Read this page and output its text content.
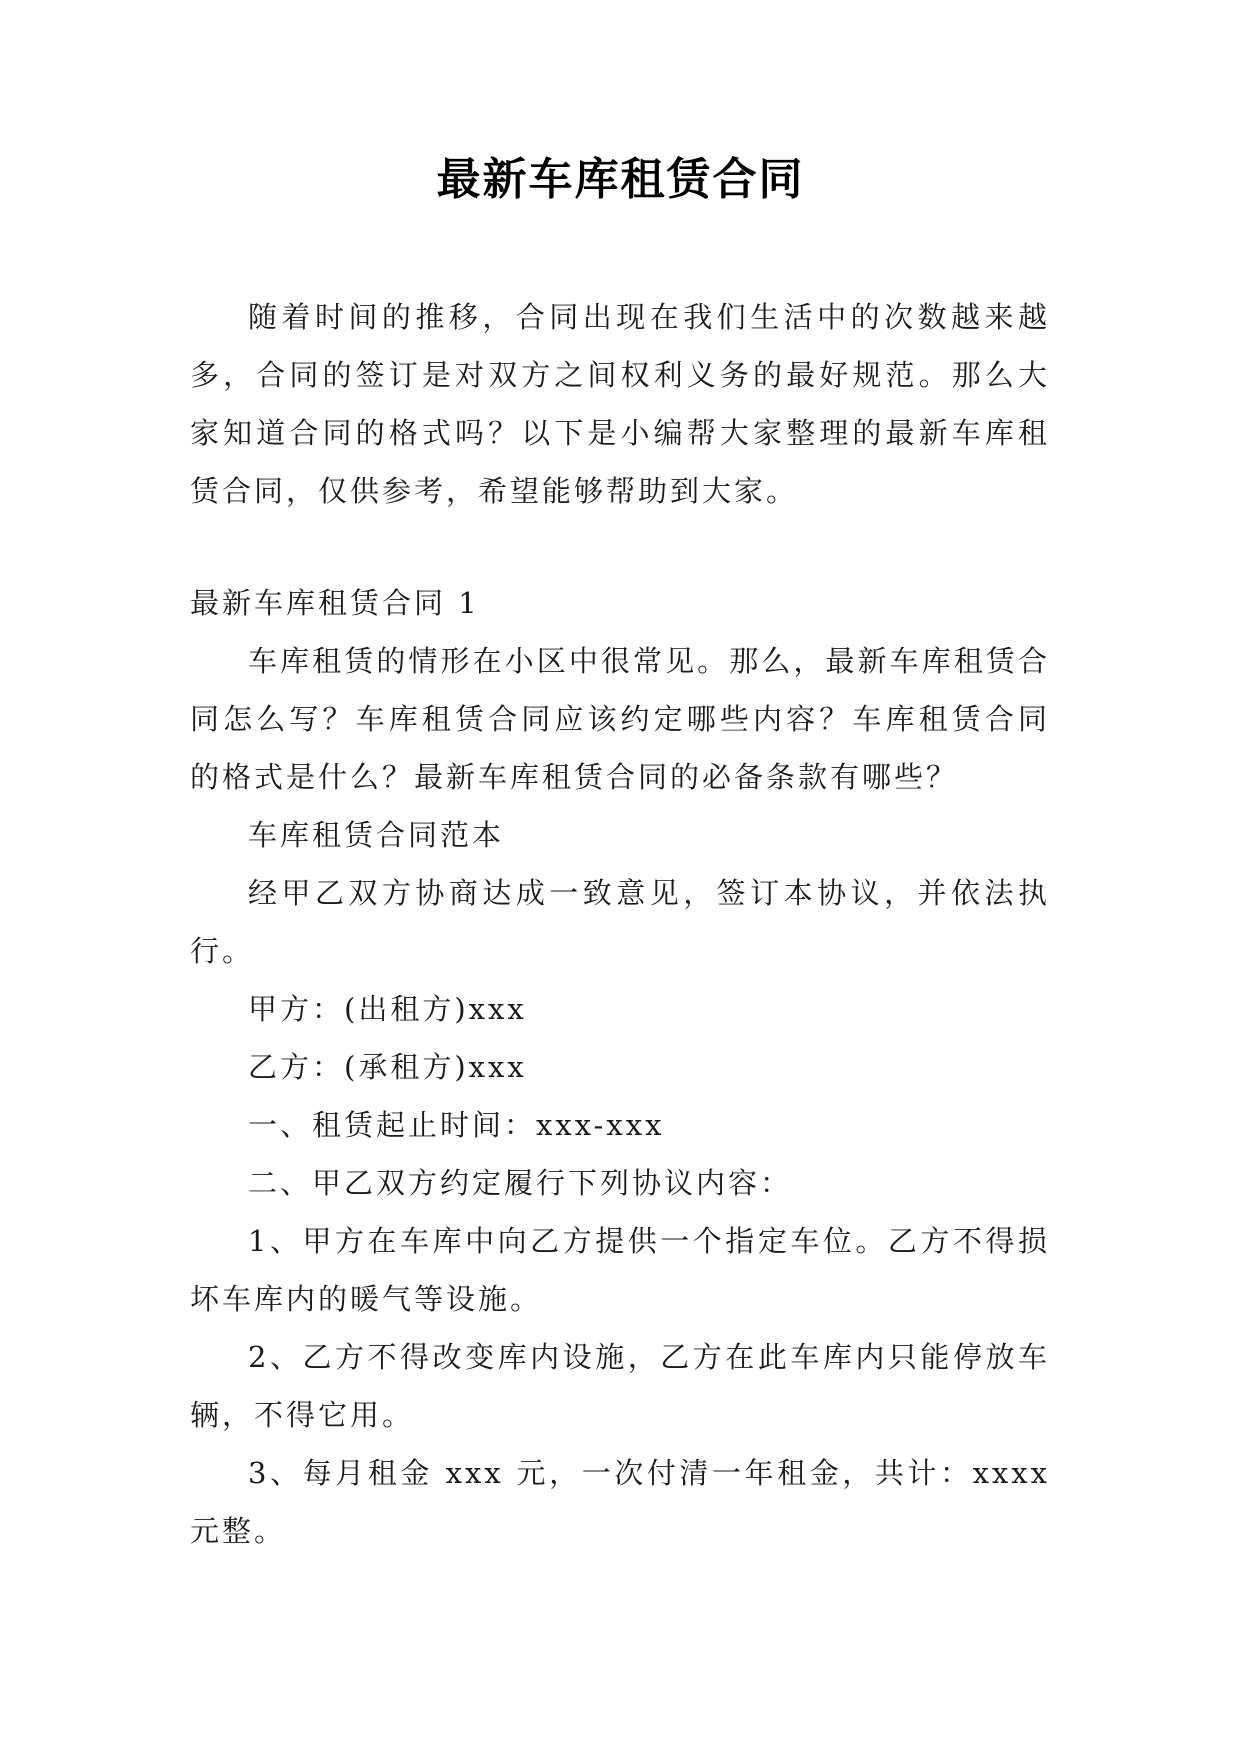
最新车库租赁合同

随着时间的推移，合同出现在我们生活中的次数越来越多，合同的签订是对双方之间权利义务的最好规范。那么大家知道合同的格式吗？以下是小编帮大家整理的最新车库租赁合同，仅供参考，希望能够帮助到大家。

最新车库租赁合同 1

车库租赁的情形在小区中很常见。那么，最新车库租赁合同怎么写？车库租赁合同应该约定哪些内容？车库租赁合同的格式是什么？最新车库租赁合同的必备条款有哪些？

车库租赁合同范本

经甲乙双方协商达成一致意见，签订本协议，并依法执行。

甲方：(出租方)xxx

乙方：(承租方)xxx

一、租赁起止时间：xxx-xxx

二、甲乙双方约定履行下列协议内容：

1、甲方在车库中向乙方提供一个指定车位。乙方不得损坏车库内的暖气等设施。

2、乙方不得改变库内设施，乙方在此车库内只能停放车辆，不得它用。

3、每月租金 xxx 元，一次付清一年租金，共计：xxxx 元整。
